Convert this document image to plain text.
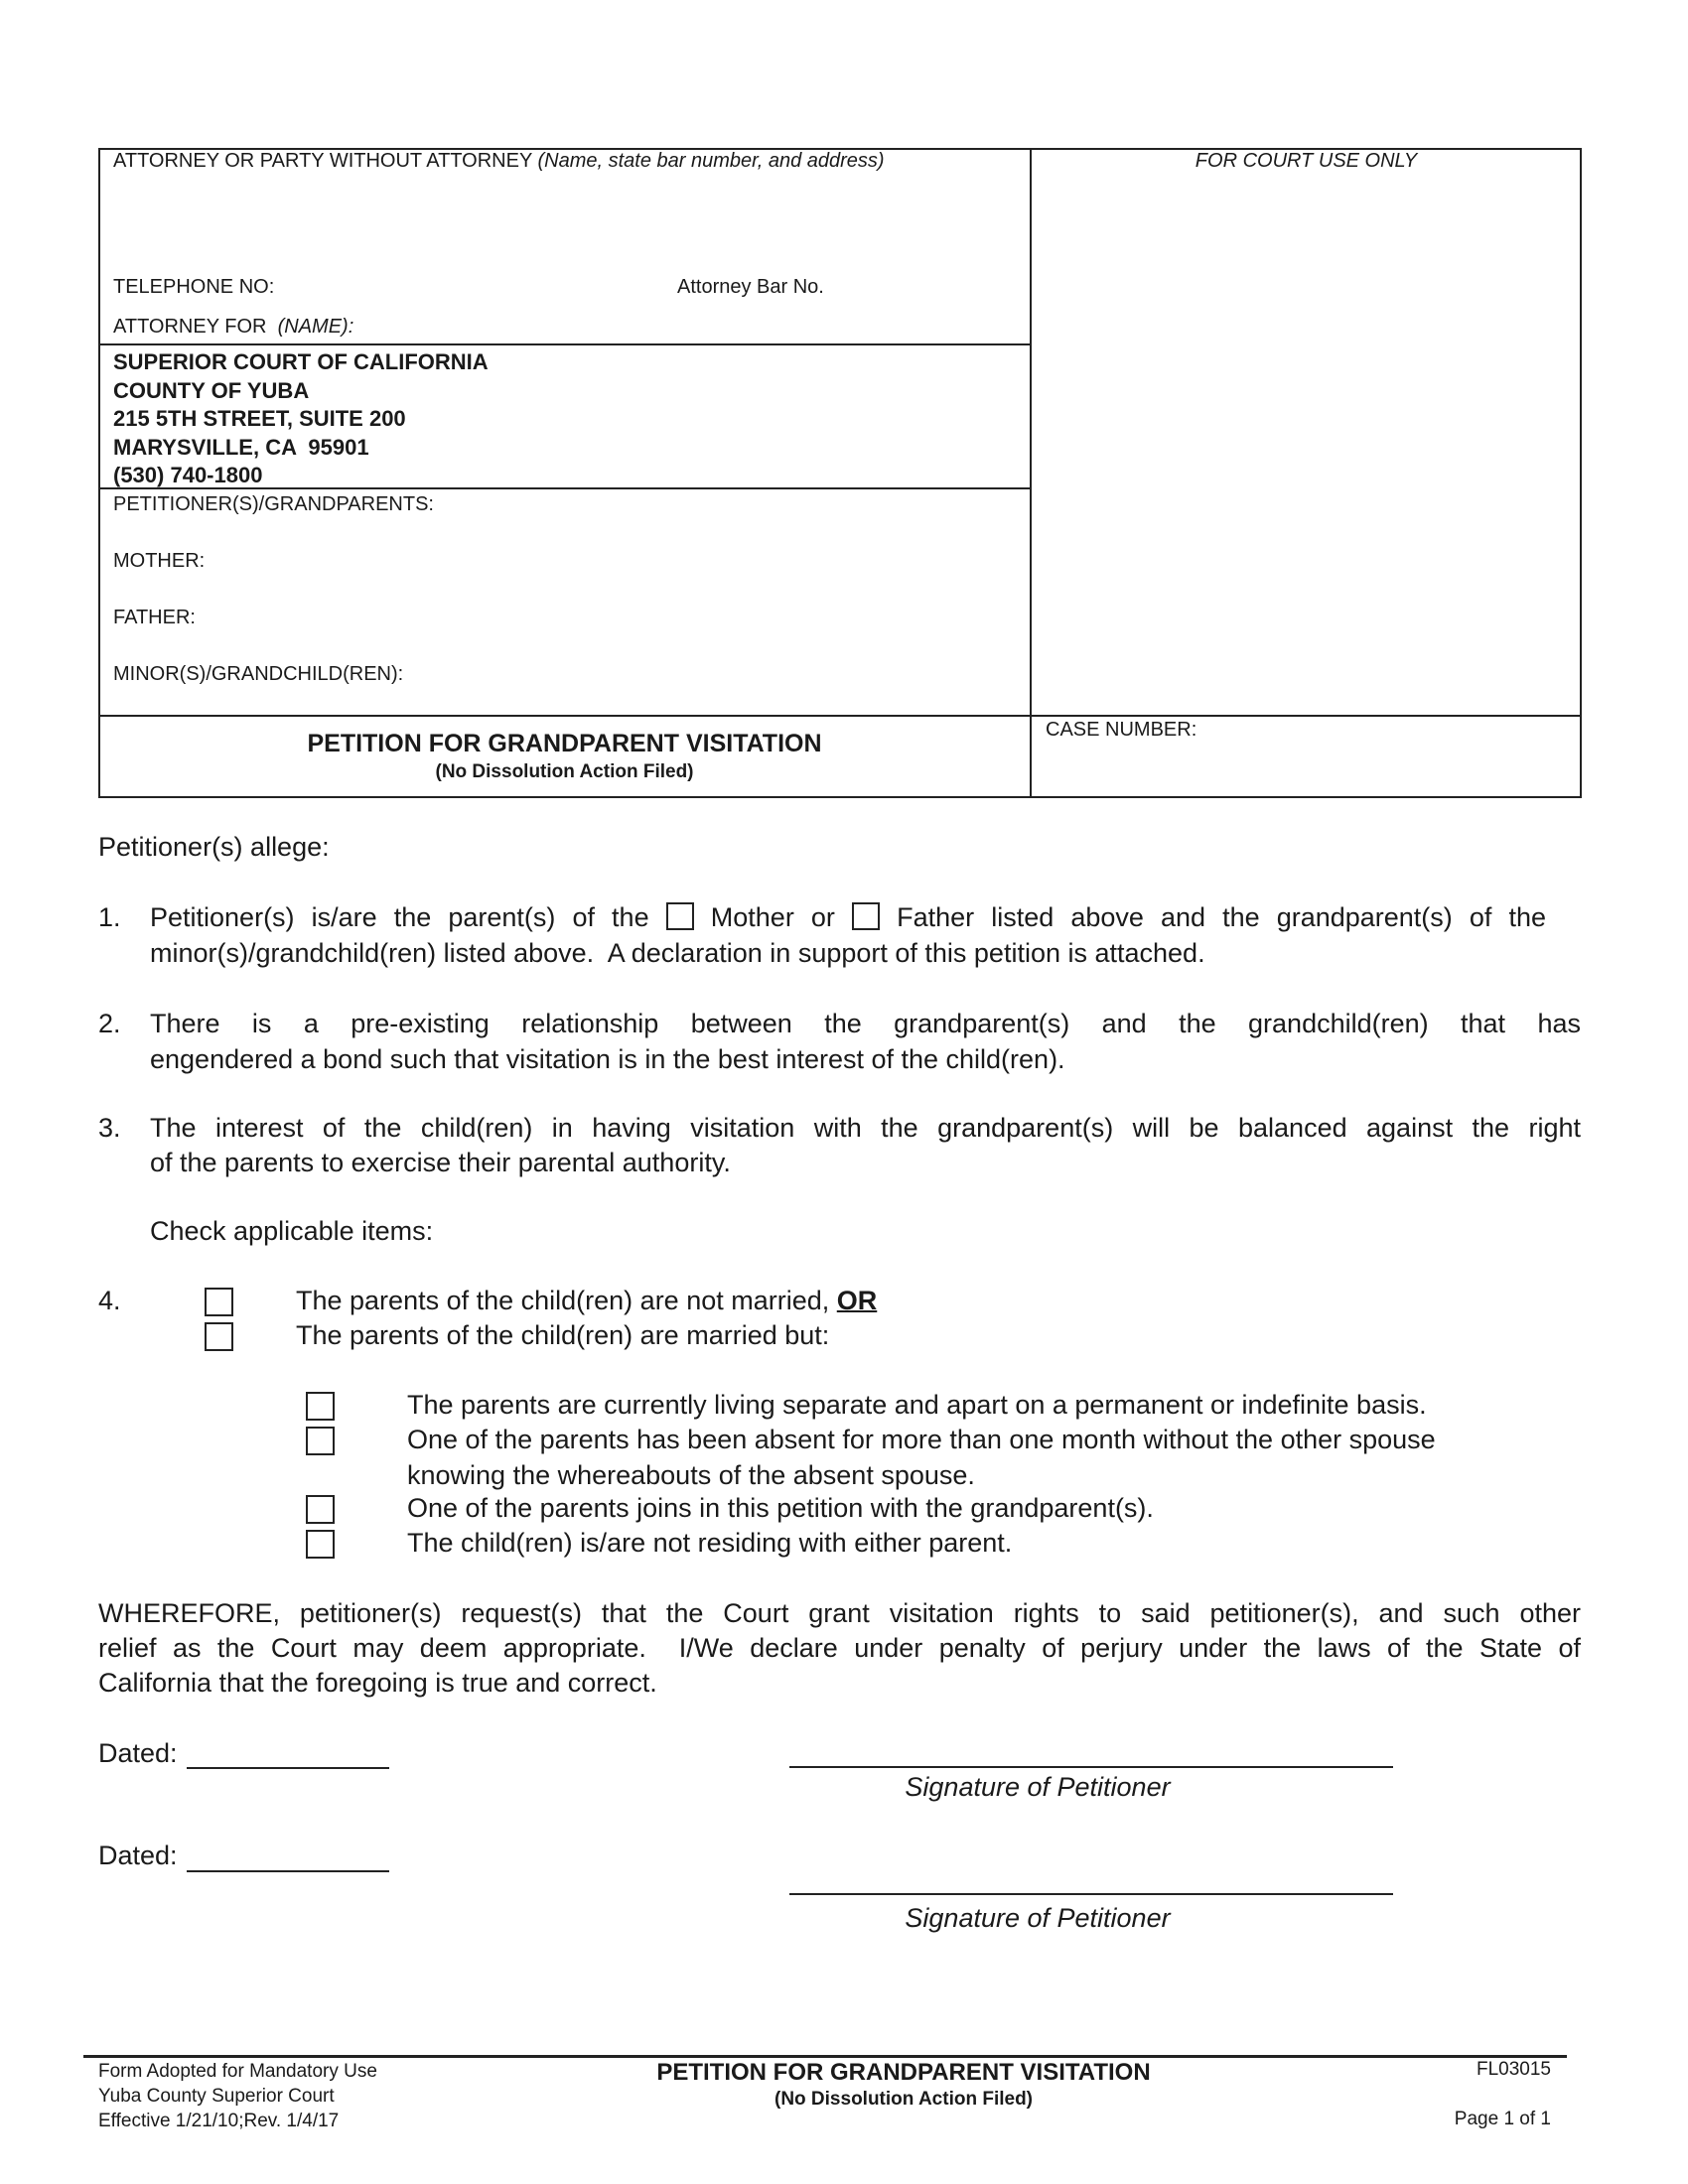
ATTORNEY OR PARTY WITHOUT ATTORNEY (Name, state bar number, and address)	FOR COURT USE ONLY
TELEPHONE NO:	Attorney Bar No.
ATTORNEY FOR (NAME):
SUPERIOR COURT OF CALIFORNIA
COUNTY OF YUBA
215 5TH STREET, SUITE 200
MARYSVILLE, CA  95901
(530) 740-1800
PETITIONER(S)/GRANDPARENTS:
MOTHER:
FATHER:
MINOR(S)/GRANDCHILD(REN):
PETITION FOR GRANDPARENT VISITATION
(No Dissolution Action Filed)
CASE NUMBER:
Petitioner(s) allege:
1. Petitioner(s) is/are the parent(s) of the Mother or Father listed above and the grandparent(s) of the
minor(s)/grandchild(ren) listed above.  A declaration in support of this petition is attached.
2. There is a pre-existing relationship between the grandparent(s) and the grandchild(ren) that has
engendered a bond such that visitation is in the best interest of the child(ren).
3. The interest of the child(ren) in having visitation with the grandparent(s) will be balanced against the right
of the parents to exercise their parental authority.
Check applicable items:
4.	The parents of the child(ren) are not married, OR
The parents of the child(ren) are married but:
The parents are currently living separate and apart on a permanent or indefinite basis.
One of the parents has been absent for more than one month without the other spouse
knowing the whereabouts of the absent spouse.
One of the parents joins in this petition with the grandparent(s).
The child(ren) is/are not residing with either parent.
WHEREFORE, petitioner(s) request(s) that the Court grant visitation rights to said petitioner(s), and such other
relief as the Court may deem appropriate.  I/We declare under penalty of perjury under the laws of the State of
California that the foregoing is true and correct.
Dated:
Signature of Petitioner
Dated:
Signature of Petitioner
Form Adopted for Mandatory Use
Yuba County Superior Court
Effective 1/21/10;Rev. 1/4/17
PETITION FOR GRANDPARENT VISITATION
(No Dissolution Action Filed)
FL03015
Page 1 of 1
